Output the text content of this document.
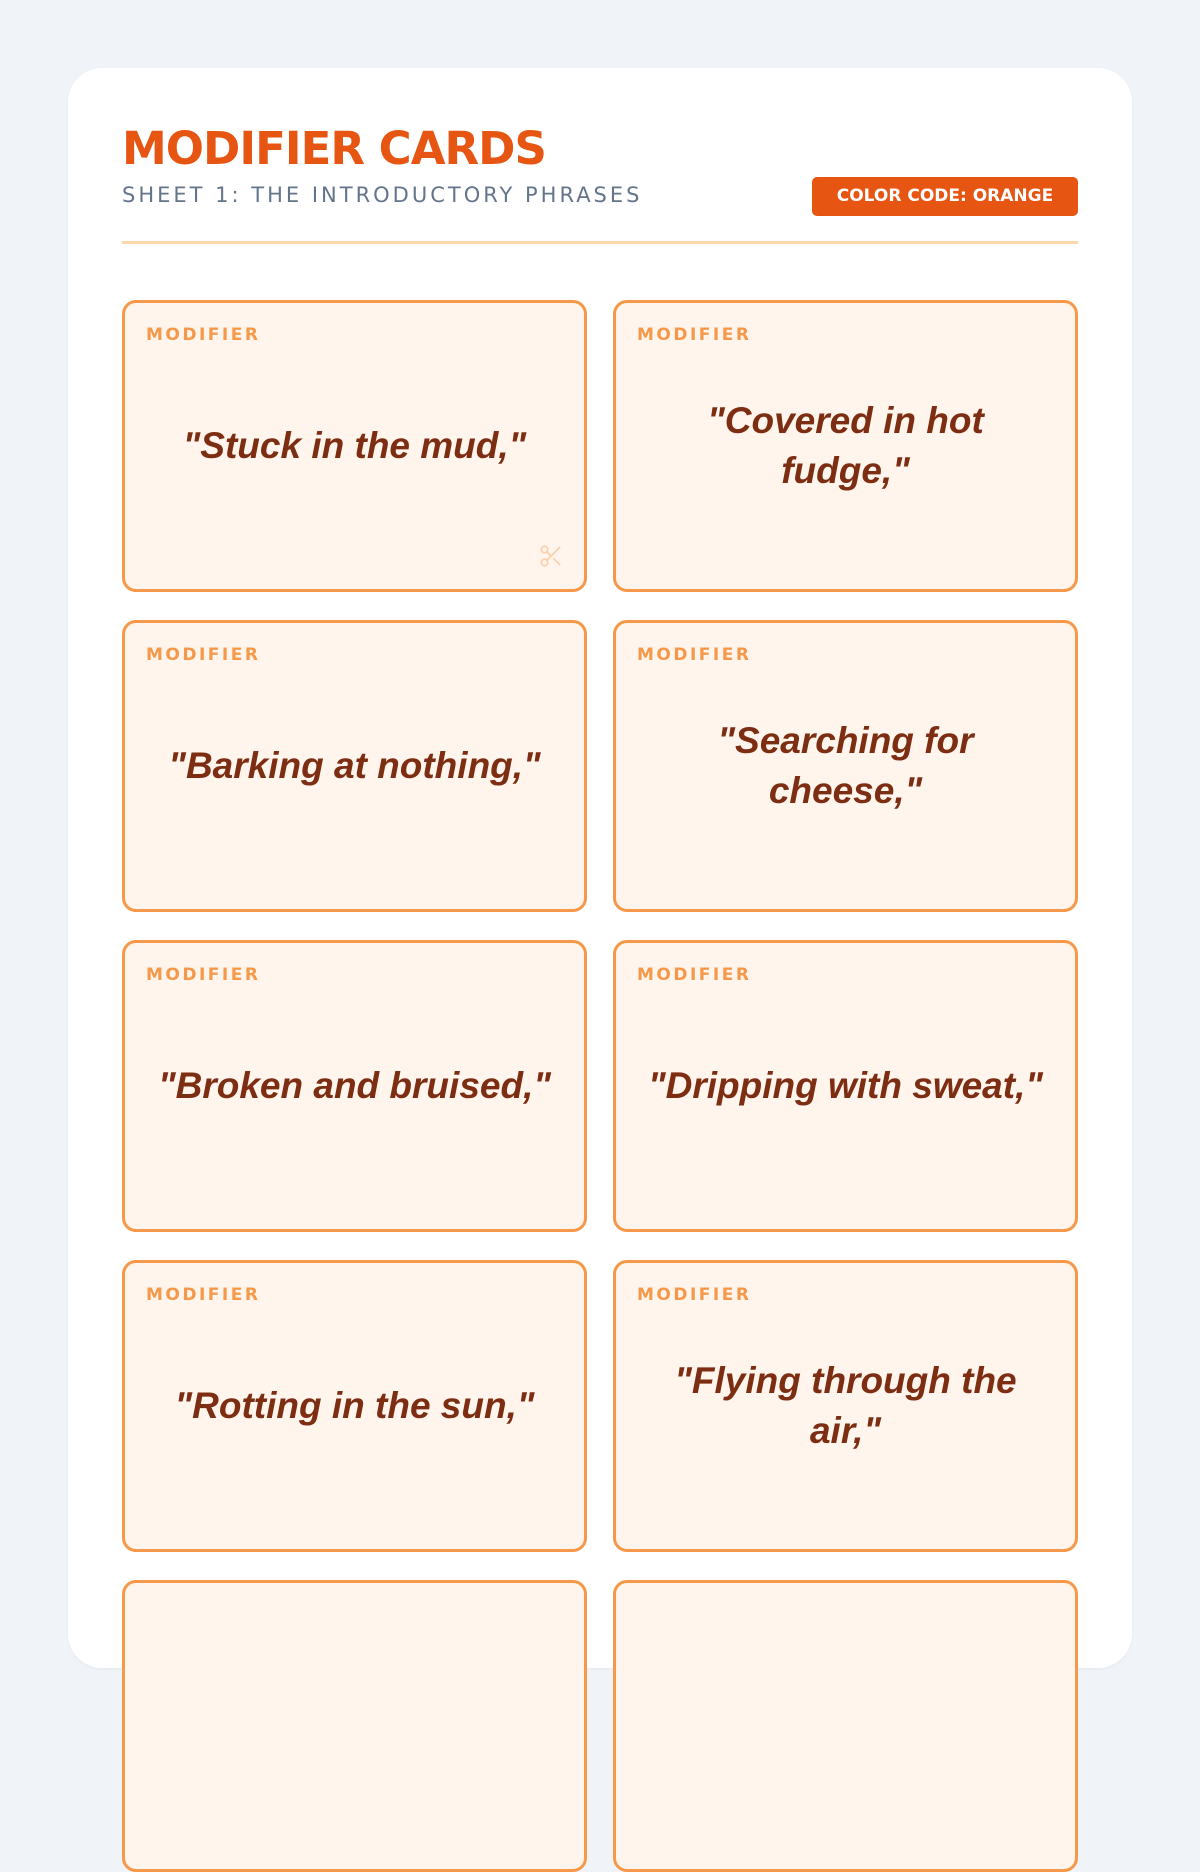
MODIFIER CARDS
SHEET 1: THE INTRODUCTORY PHRASES	COLOR CODE: ORANGE
MODIFIER
"Stuck in the mud,"
MODIFIER
"Covered in hot fudge,"
MODIFIER
"Barking at nothing,"
MODIFIER
"Searching for cheese,"
MODIFIER
"Broken and bruised,"
MODIFIER
"Dripping with sweat,"
MODIFIER
"Rotting in the sun,"
MODIFIER
"Flying through the air,"
